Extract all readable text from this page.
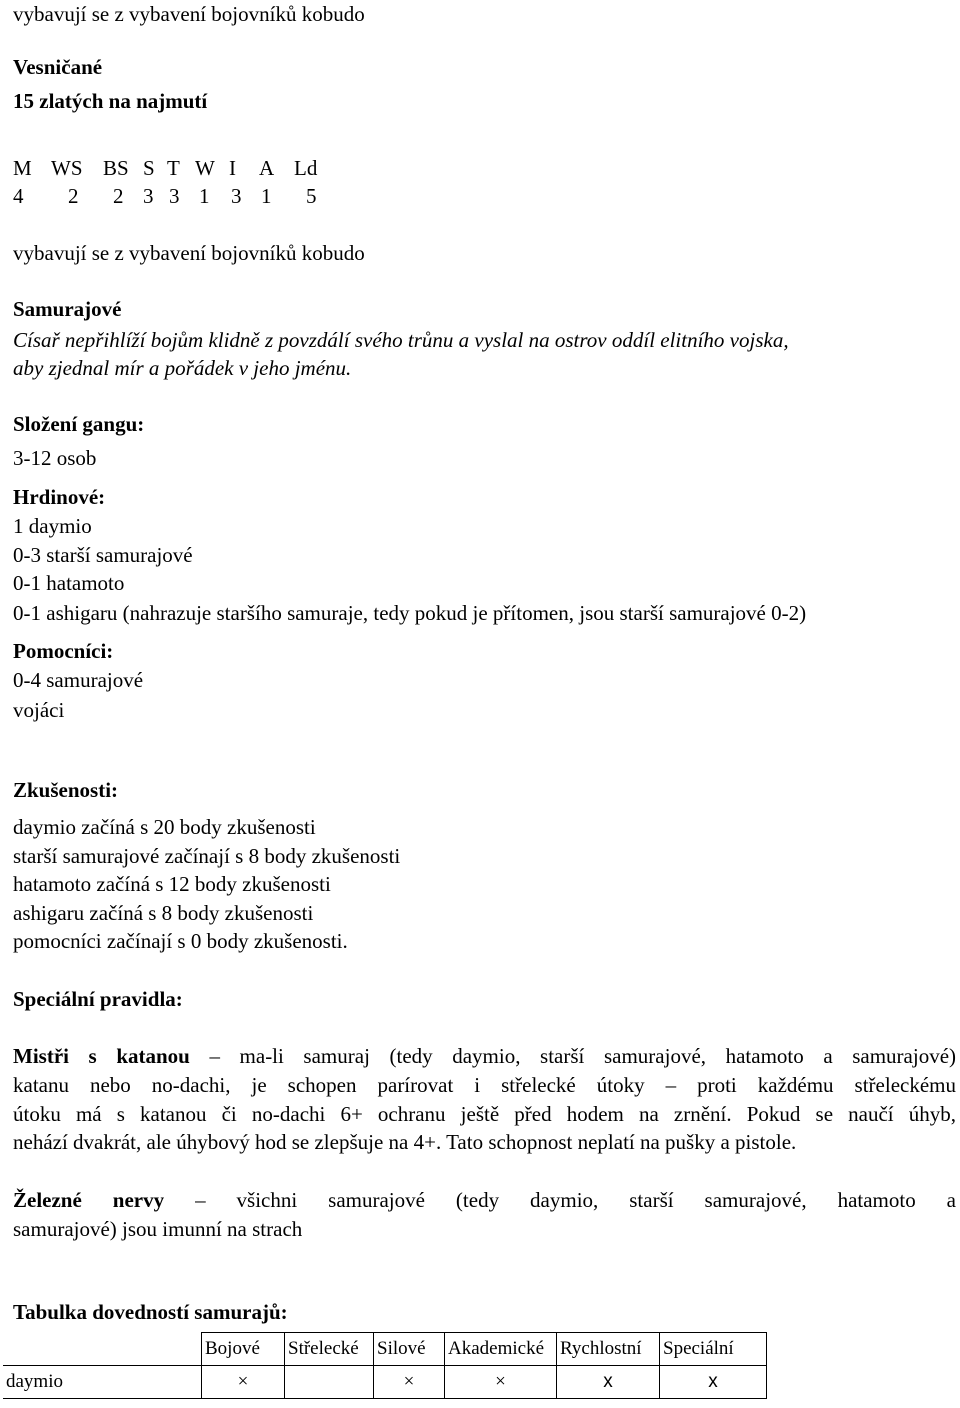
vybavují se z vybavení bojovníků kobudo
Vesničané
15 zlatých na najmutí
M WS BS S T W I A Ld
4 2 2 3 3 1 3 1 5
vybavují se z vybavení bojovníků kobudo
Samurajové
Císař nepřihlíží bojům klidně z povzdálí svého trůnu a vyslal na ostrov oddíl elitního vojska,
aby zjednal mír a pořádek v jeho jménu.
Složení gangu:
3-12 osob
Hrdinové:
1 daymio
0-3 starší samurajové
0-1 hatamoto
0-1 ashigaru (nahrazuje staršího samuraje, tedy pokud je přítomen, jsou starší samurajové 0-2)
Pomocníci:
0-4 samurajové
vojáci
Zkušenosti:
daymio začíná s 20 body zkušenosti
starší samurajové začínají s 8 body zkušenosti
hatamoto začíná s 12 body zkušenosti
ashigaru začíná s 8 body zkušenosti
pomocníci začínají s 0 body zkušenosti.
Speciální pravidla:
Mistři s katanou – ma-li samuraj (tedy daymio, starší samurajové, hatamoto a samurajové)
katanu nebo no-dachi, je schopen parírovat i střelecké útoky – proti každému střeleckému
útoku má s katanou či no-dachi 6+ ochranu ještě před hodem na zrnění. Pokud se naučí úhyb,
nehází dvakrát, ale úhybový hod se zlepšuje na 4+. Tato schopnost neplatí na pušky a pistole.
Železné nervy – všichni samurajové (tedy daymio, starší samurajové, hatamoto a
samurajové) jsou imunní na strach
Tabulka dovedností samurajů:
	Bojové	Střelecké	Silové	Akademické	Rychlostní	Speciální
daymio	×		×	×	x	x
